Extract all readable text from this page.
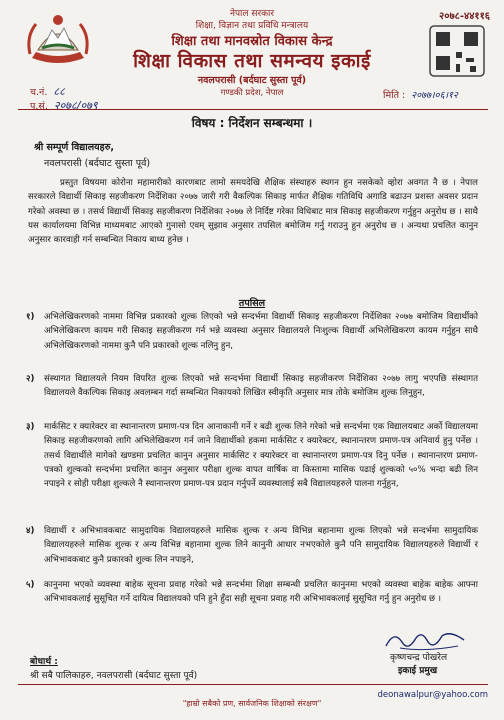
नेपाल सरकार
शिक्षा, विज्ञान तथा प्रविधि मन्त्रालय
शिक्षा तथा मानवस्रोत विकास केन्द्र
शिक्षा विकास तथा समन्वय इकाई
नवलपरासी (बर्दघाट सुस्ता पूर्व)
गण्डकी प्रदेश, नेपाल
२०७८-४४११६
च.नं. ८८
प.सं. २०७८/०७९
मिति : २०७७।०६।१२
विषय : निर्देशन सम्बन्धमा ।
श्री सम्पूर्ण विद्यालयहरु,
नवलपरासी (बर्दघाट सुस्ता पूर्व)

प्रस्तुत विषयमा कोरोना महामारीको कारणबाट लामो समयदेखि शैक्षिक संस्थाहरु स्थगन हुन नसकेको व्होरा अवगत नै छ । नेपाल सरकारले विद्यार्थी सिकाइ सहजीकरण निर्देशिका २०७७ जारी गरी वैकल्पिक सिकाइ मार्फत शैक्षिक गतिविधि अगाडि बढाउन प्रशस्त अवसर प्रदान गरेको अवस्था छ । तसर्थ विद्यार्थी सिकाइ सहजीकरण निर्देशिका २०७७ ले निर्दिष्ट गरेका विधिबाट मात्र सिकाइ सहजीकरण गर्नुहुन अनुरोध छ । साथै यस कार्यालयमा विभिन्न माध्यमबाट आएको गुनासो एवम् सुझाव अनुसार तपसिल बमोजिम गर्नु गराउनु हुन अनुरोध छ । अन्यथा प्रचलित कानुन अनुसार कारवाही गर्न सम्बन्धित निकाय बाध्य हुनेछ ।

तपसिल
१) अभिलेखिकरणको नाममा विभिन्न प्रकारको शुल्क लिएको भन्ने सन्दर्भमा विद्यार्थी सिकाइ सहजीकरण निर्देशिका २०७७ बमोजिम विद्यार्थीको अभिलेखिकरण कायम गरी सिकाइ सहजीकरण गर्न भन्ने व्यवस्था अनुसार विद्यालयले निःशुल्क विद्यार्थी अभिलेखिकरण कायम गर्नुहुन साथै अभिलेखिकरणको नाममा कुनै पनि प्रकारको शुल्क नलिनु हुन,
२) संस्थागत विद्यालयले नियम विपरित शुल्क लिएको भन्ने सन्दर्भमा विद्यार्थी सिकाइ सहजीकरण निर्देशिका २०७७ लागु भएपछि संस्थागत विद्यालयले वैकल्पिक सिकाइ अवलम्बन गर्दा सम्बन्धित निकायको लिखित स्वीकृति अनुसार मात्र तोके बमोजिम शुल्क लिनुहुन,
३) मार्कसिट र क्यारेक्टर वा स्थानान्तरण प्रमाण-पत्र दिन आनाकानी गर्ने र बढी शुल्क लिने गरेको भन्ने सन्दर्भमा एक विद्यालयबाट अर्को विद्यालयमा सिकाइ सहजीकरणको लागि अभिलेखिकरण गर्न जाने विद्यार्थीको हकमा मार्कसिट र क्यारेक्टर, स्थानान्तरण प्रमाण-पत्र अनिवार्य हुनु पर्नेछ । तसर्थ विद्यार्थीले मागेको खण्डमा प्रचलित कानुन अनुसार मार्कसिट र क्यारेक्टर वा स्थानान्तरण प्रमाण-पत्र दिनु पर्नेछ । स्थानान्तरण प्रमाण-पत्रको शुल्कको सन्दर्भमा प्रचलित कानुन अनुसार परीक्षा शुल्क वापत वार्षिक वा किस्तामा मासिक पढाई शुल्कको ५०% भन्दा बढी लिन नपाइने र सोही परीक्षा शुल्कले नै स्थानान्तरण प्रमाण-पत्र प्रदान गर्नुपर्ने व्यवस्थालाई सबै विद्यालयहरुले पालना गर्नुहुन,
४) विद्यार्थी र अभिभावकबाट सामुदायिक विद्यालयहरुले मासिक शुल्क र अन्य विभिन्न बहानामा शुल्क लिएको भन्ने सन्दर्भमा सामुदायिक विद्यालयहरुले मासिक शुल्क र अन्य विभिन्न बहानामा शुल्क लिने कानुनी आधार नभएकोले कुनै पनि सामुदायिक विद्यालयहरुले विद्यार्थी र अभिभावकबाट कुनै प्रकारको शुल्क लिन नपाइने,
५) कानुनमा भएको व्यवस्था बाहेक सूचना प्रवाह गरेको भन्ने सन्दर्भमा शिक्षा सम्बन्धी प्रचलित कानुनमा भएको व्यवस्था बाहेक बाहेक आफ्ना अभिभावकलाई सुसूचित गर्ने दायित्व विद्यालयको पनि हुने हुँदा सही सूचना प्रवाह गरी अभिभावकलाई सुसूचित गर्नु हुन अनुरोध छ ।
कृष्णचन्द्र पोखरेल
इकाई प्रमुख
बोधार्थ :
श्री सबै पालिकाहरु, नवलपरासी (बर्दघाट सुस्ता पूर्व)
deonawalpur@yahoo.com
"हाम्रो सबैको प्रण, सार्वजनिक शिक्षाको संरक्षण"
